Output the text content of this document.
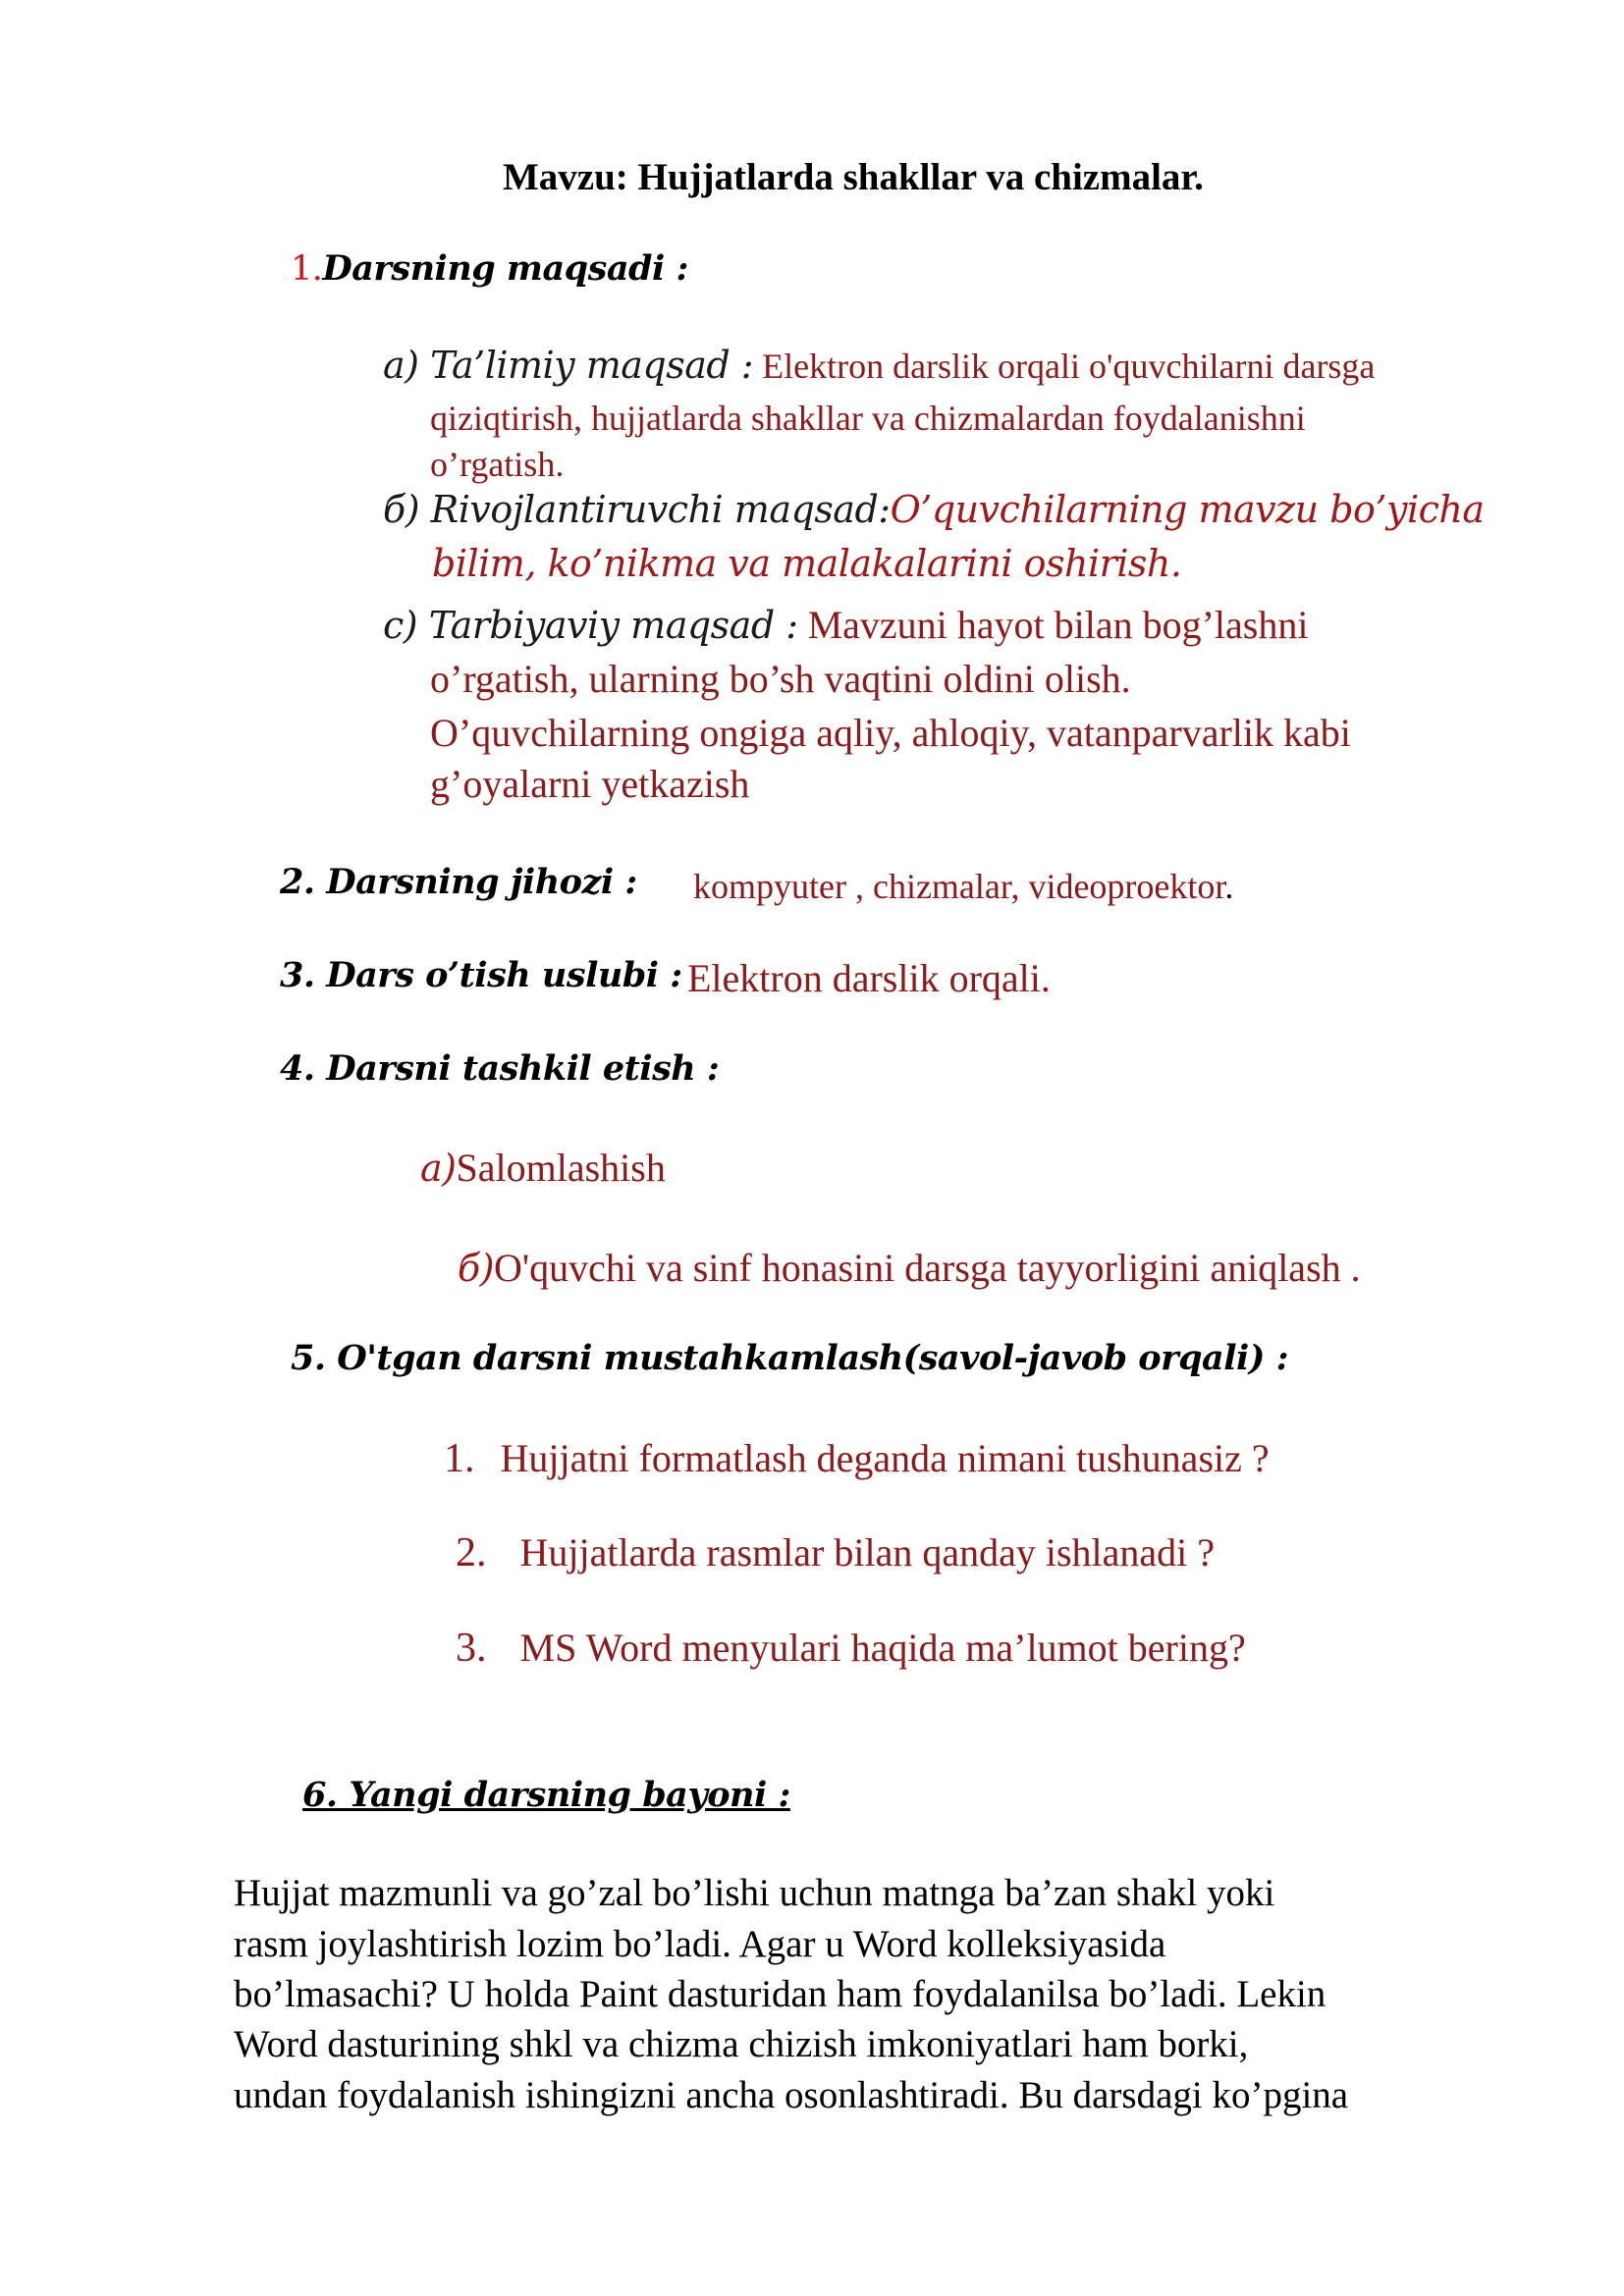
Mavzu: Hujjatlarda shakllar va chizmalar.
1.Darsning maqsadi :
a) Ta’limiy maqsad : Elektron darslik orqali o'quvchilarni darsga
qiziqtirish, hujjatlarda shakllar va chizmalardan foydalanishni
o’rgatish.
б) Rivojlantiruvchi maqsad:O’quvchilarning mavzu bo’yicha
bilim, ko’nikma va malakalarini oshirish.
c) Tarbiyaviy maqsad : Mavzuni hayot bilan bog’lashni
o’rgatish, ularning bo’sh vaqtini oldini olish.
O’quvchilarning ongiga aqliy, ahloqiy, vatanparvarlik kabi
g’oyalarni yetkazish
2. Darsning jihozi : kompyuter , chizmalar, videoproektor.
3. Dars o’tish uslubi : Elektron darslik orqali.
4. Darsni tashkil etish :
a)Salomlashish
б)O'quvchi va sinf honasini darsga tayyorligini aniqlash .
5. O'tgan darsni mustahkamlash(savol-javob orqali) :
1. Hujjatni formatlash deganda nimani tushunasiz ?
2. Hujjatlarda rasmlar bilan qanday ishlanadi ?
3. MS Word menyulari haqida ma’lumot bering?
6. Yangi darsning bayoni :
Hujjat mazmunli va go’zal bo’lishi uchun matnga ba’zan shakl yoki
rasm joylashtirish lozim bo’ladi. Agar u Word kolleksiyasida
bo’lmasachi? U holda Paint dasturidan ham foydalanilsa bo’ladi. Lekin
Word dasturining shkl va chizma chizish imkoniyatlari ham borki,
undan foydalanish ishingizni ancha osonlashtiradi. Bu darsdagi ko’pgina
